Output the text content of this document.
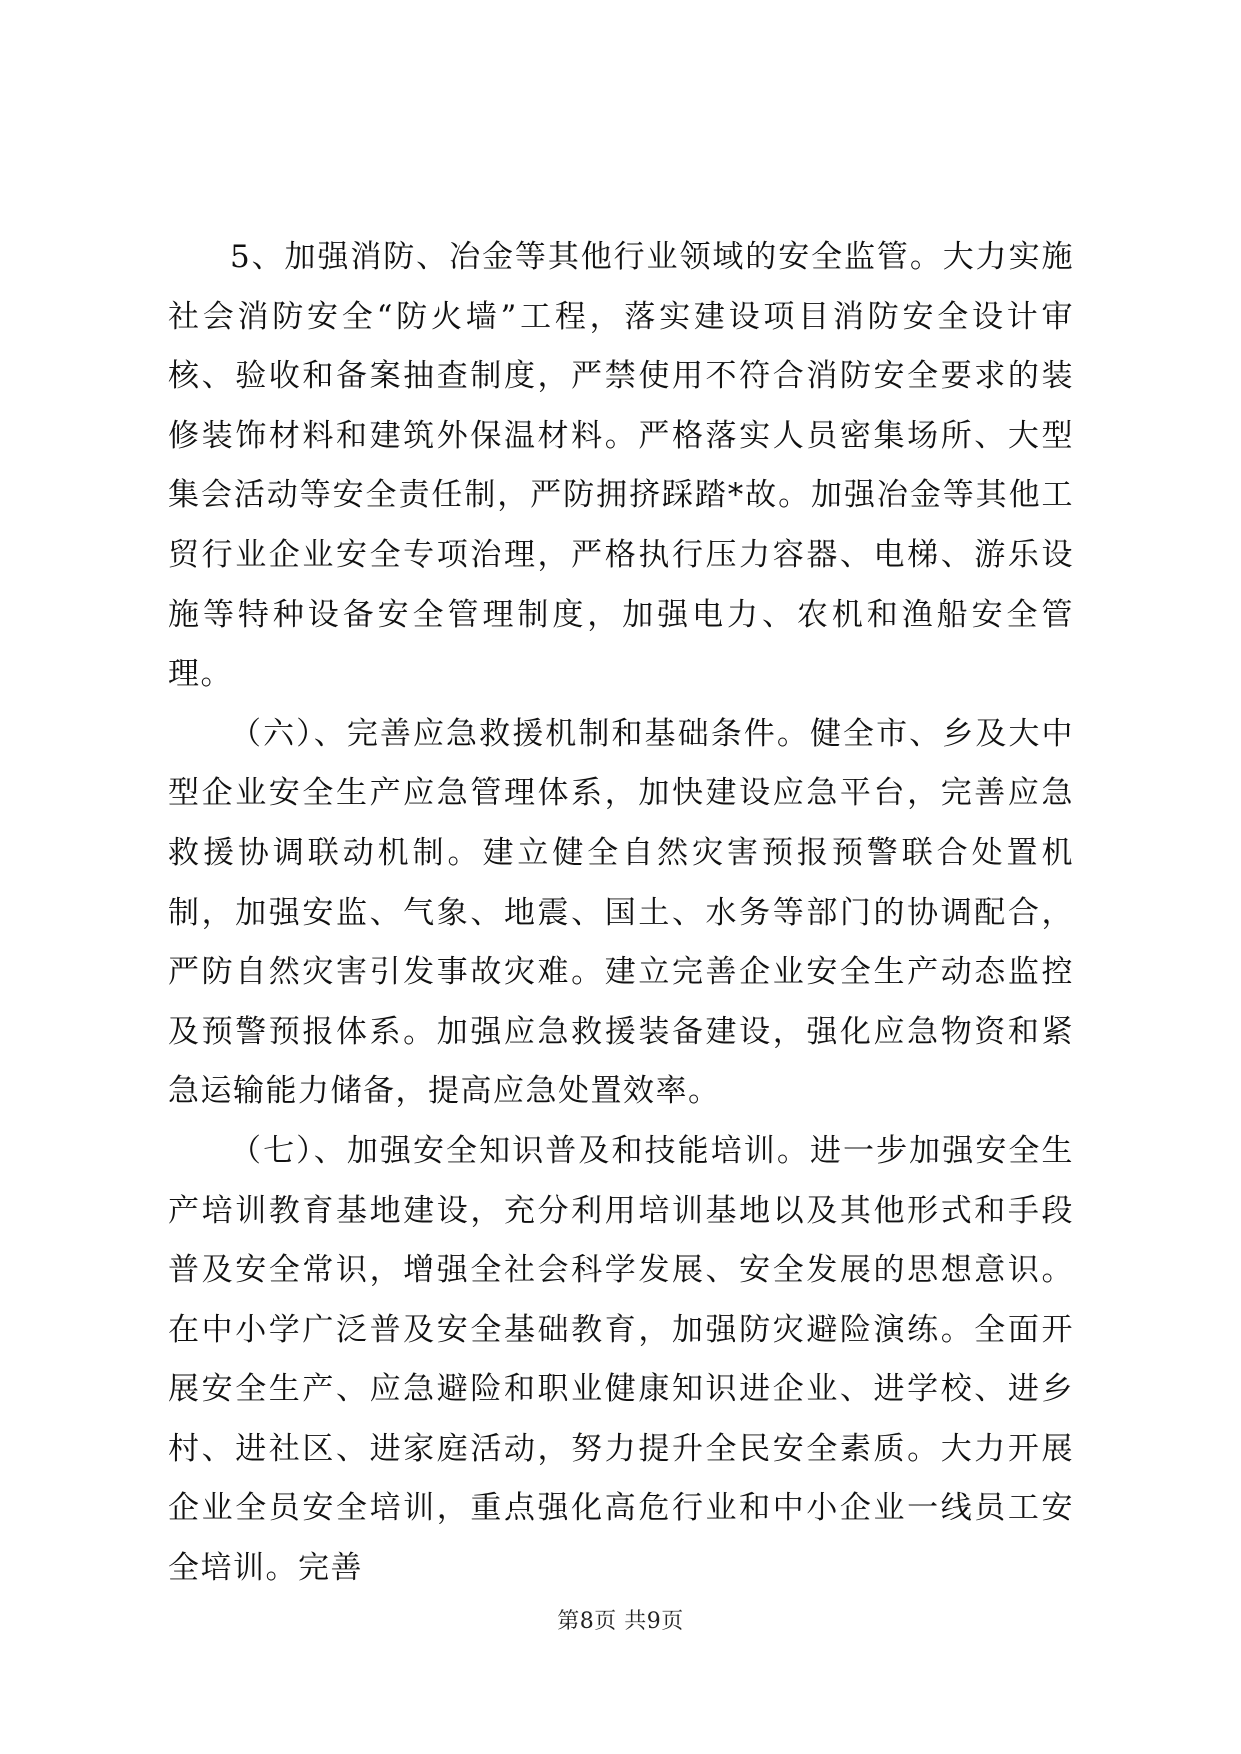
5、加强消防、冶金等其他行业领域的安全监管。大力实施社会消防安全“防火墙”工程，落实建设项目消防安全设计审核、验收和备案抽查制度，严禁使用不符合消防安全要求的装修装饰材料和建筑外保温材料。严格落实人员密集场所、大型集会活动等安全责任制，严防拥挤踩踏*故。加强冶金等其他工贸行业企业安全专项治理，严格执行压力容器、电梯、游乐设施等特种设备安全管理制度，加强电力、农机和渔船安全管理。

（六）、完善应急救援机制和基础条件。健全市、乡及大中型企业安全生产应急管理体系，加快建设应急平台，完善应急救援协调联动机制。建立健全自然灾害预报预警联合处置机制，加强安监、气象、地震、国土、水务等部门的协调配合，严防自然灾害引发事故灾难。建立完善企业安全生产动态监控及预警预报体系。加强应急救援装备建设，强化应急物资和紧急运输能力储备，提高应急处置效率。

（七）、加强安全知识普及和技能培训。进一步加强安全生产培训教育基地建设，充分利用培训基地以及其他形式和手段普及安全常识，增强全社会科学发展、安全发展的思想意识。在中小学广泛普及安全基础教育，加强防灾避险演练。全面开展安全生产、应急避险和职业健康知识进企业、进学校、进乡村、进社区、进家庭活动，努力提升全民安全素质。大力开展企业全员安全培训，重点强化高危行业和中小企业一线员工安全培训。完善

第8页 共9页
